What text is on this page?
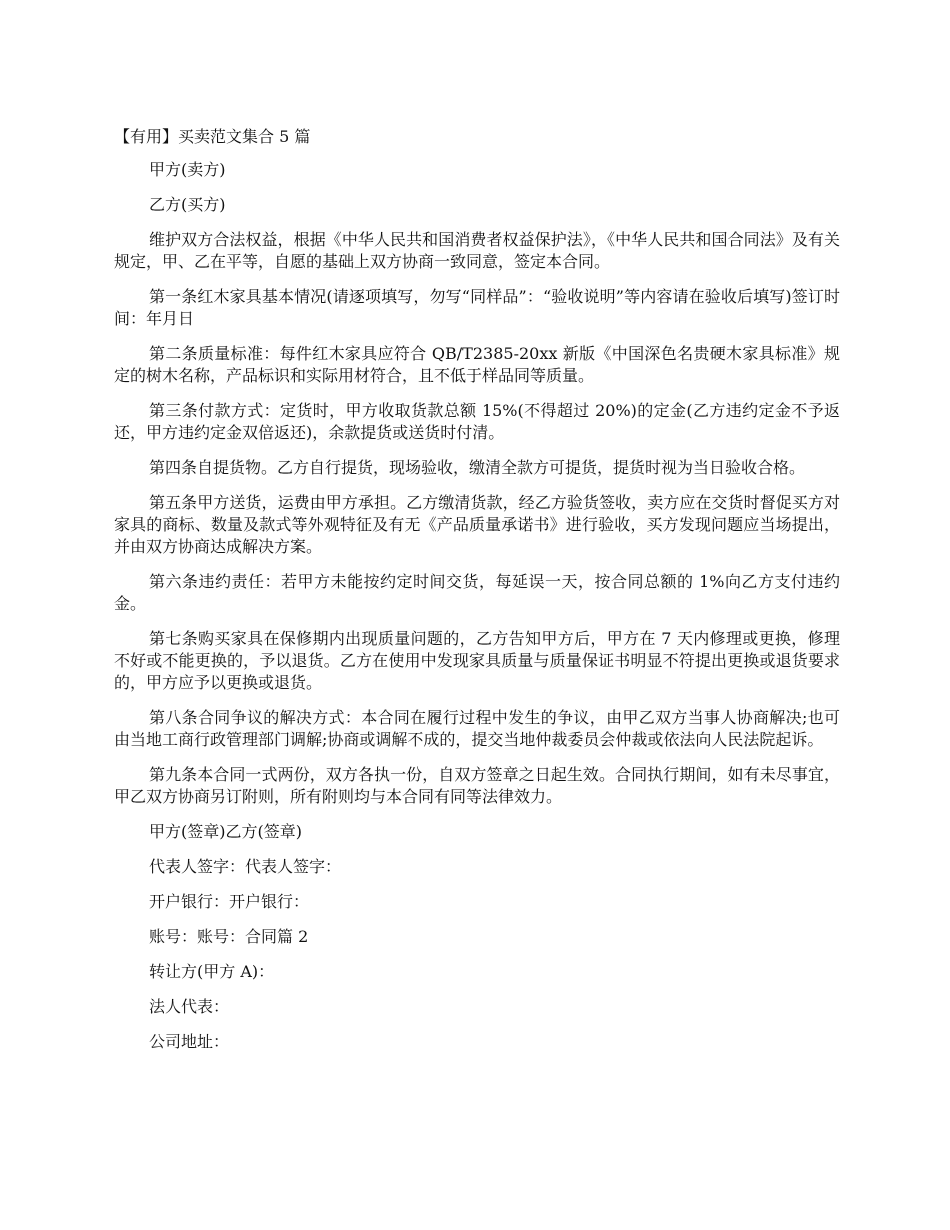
【有用】买卖范文集合 5 篇
甲方(卖方)
乙方(买方)

维护双方合法权益，根据《中华人民共和国消费者权益保护法》，《中华人民共和国合同法》及有关规定，甲、乙在平等，自愿的基础上双方协商一致同意，签定本合同。

第一条红木家具基本情况(请逐项填写，勿写“同样品”：“验收说明”等内容请在验收后填写)签订时间：年月日

第二条质量标准：每件红木家具应符合 QB/T2385-20xx 新版《中国深色名贵硬木家具标准》规定的树木名称，产品标识和实际用材符合，且不低于样品同等质量。

第三条付款方式：定货时，甲方收取货款总额 15%(不得超过 20%)的定金(乙方违约定金不予返还，甲方违约定金双倍返还)，余款提货或送货时付清。

第四条自提货物。乙方自行提货，现场验收，缴清全款方可提货，提货时视为当日验收合格。

第五条甲方送货，运费由甲方承担。乙方缴清货款，经乙方验货签收，卖方应在交货时督促买方对家具的商标、数量及款式等外观特征及有无《产品质量承诺书》进行验收，买方发现问题应当场提出，并由双方协商达成解决方案。

第六条违约责任：若甲方未能按约定时间交货，每延误一天，按合同总额的 1%向乙方支付违约金。

第七条购买家具在保修期内出现质量问题的，乙方告知甲方后，甲方在 7 天内修理或更换，修理不好或不能更换的，予以退货。乙方在使用中发现家具质量与质量保证书明显不符提出更换或退货要求的，甲方应予以更换或退货。

第八条合同争议的解决方式：本合同在履行过程中发生的争议，由甲乙双方当事人协商解决;也可由当地工商行政管理部门调解;协商或调解不成的，提交当地仲裁委员会仲裁或依法向人民法院起诉。

第九条本合同一式两份，双方各执一份，自双方签章之日起生效。合同执行期间，如有未尽事宜，甲乙双方协商另订附则，所有附则均与本合同有同等法律效力。

甲方(签章)乙方(签章)
代表人签字：代表人签字：
开户银行：开户银行：
账号：账号：合同篇 2
转让方(甲方 A)：
法人代表：
公司地址：
